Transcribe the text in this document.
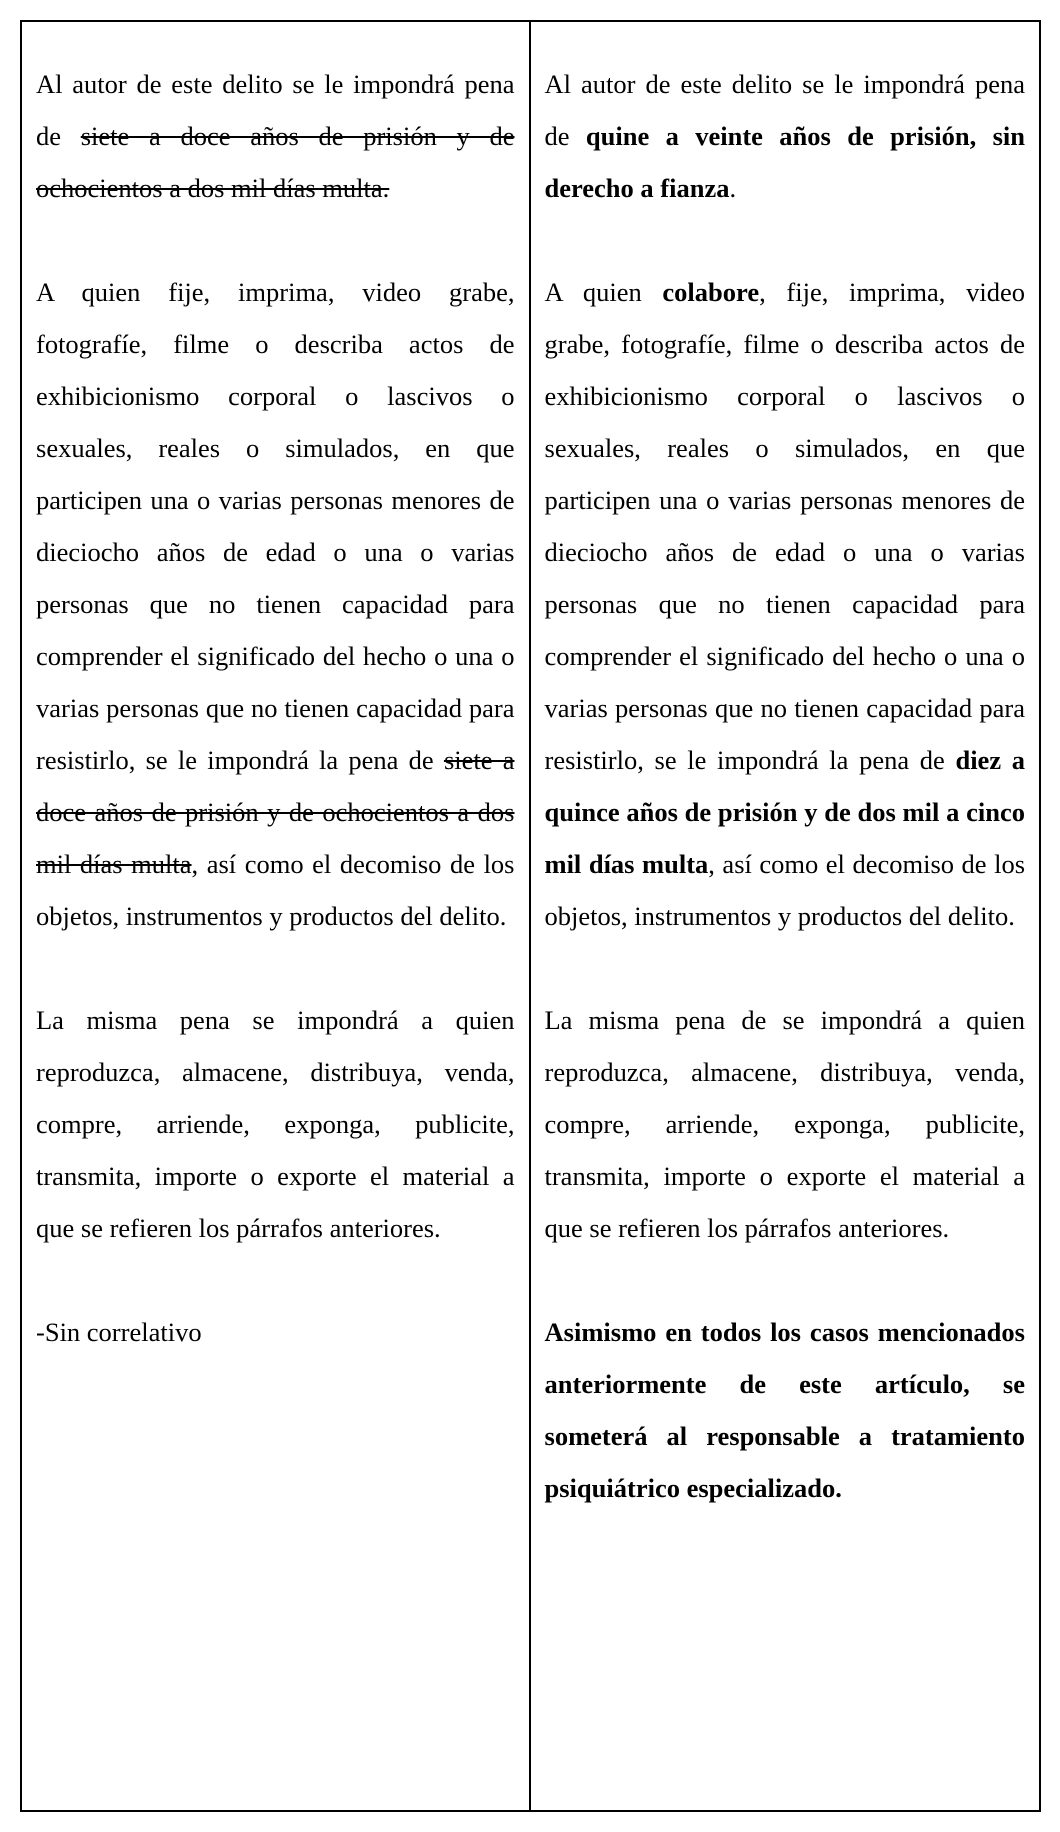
Al autor de este delito se le impondrá pena de siete a doce años de prisión y de ochocientos a dos mil días multa.

A quien fije, imprima, video grabe, fotografíe, filme o describa actos de exhibicionismo corporal o lascivos o sexuales, reales o simulados, en que participen una o varias personas menores de dieciocho años de edad o una o varias personas que no tienen capacidad para comprender el significado del hecho o una o varias personas que no tienen capacidad para resistirlo, se le impondrá la pena de siete a doce años de prisión y de ochocientos a dos mil días multa, así como el decomiso de los objetos, instrumentos y productos del delito.

La misma pena se impondrá a quien reproduzca, almacene, distribuya, venda, compre, arriende, exponga, publicite, transmita, importe o exporte el material a que se refieren los párrafos anteriores.

-Sin correlativo

Al autor de este delito se le impondrá pena de quine a veinte años de prisión, sin derecho a fianza.

A quien colabore, fije, imprima, video grabe, fotografíe, filme o describa actos de exhibicionismo corporal o lascivos o sexuales, reales o simulados, en que participen una o varias personas menores de dieciocho años de edad o una o varias personas que no tienen capacidad para comprender el significado del hecho o una o varias personas que no tienen capacidad para resistirlo, se le impondrá la pena de diez a quince años de prisión y de dos mil a cinco mil días multa, así como el decomiso de los objetos, instrumentos y productos del delito.

La misma pena de se impondrá a quien reproduzca, almacene, distribuya, venda, compre, arriende, exponga, publicite, transmita, importe o exporte el material a que se refieren los párrafos anteriores.

Asimismo en todos los casos mencionados anteriormente de este artículo, se someterá al responsable a tratamiento psiquiátrico especializado.
